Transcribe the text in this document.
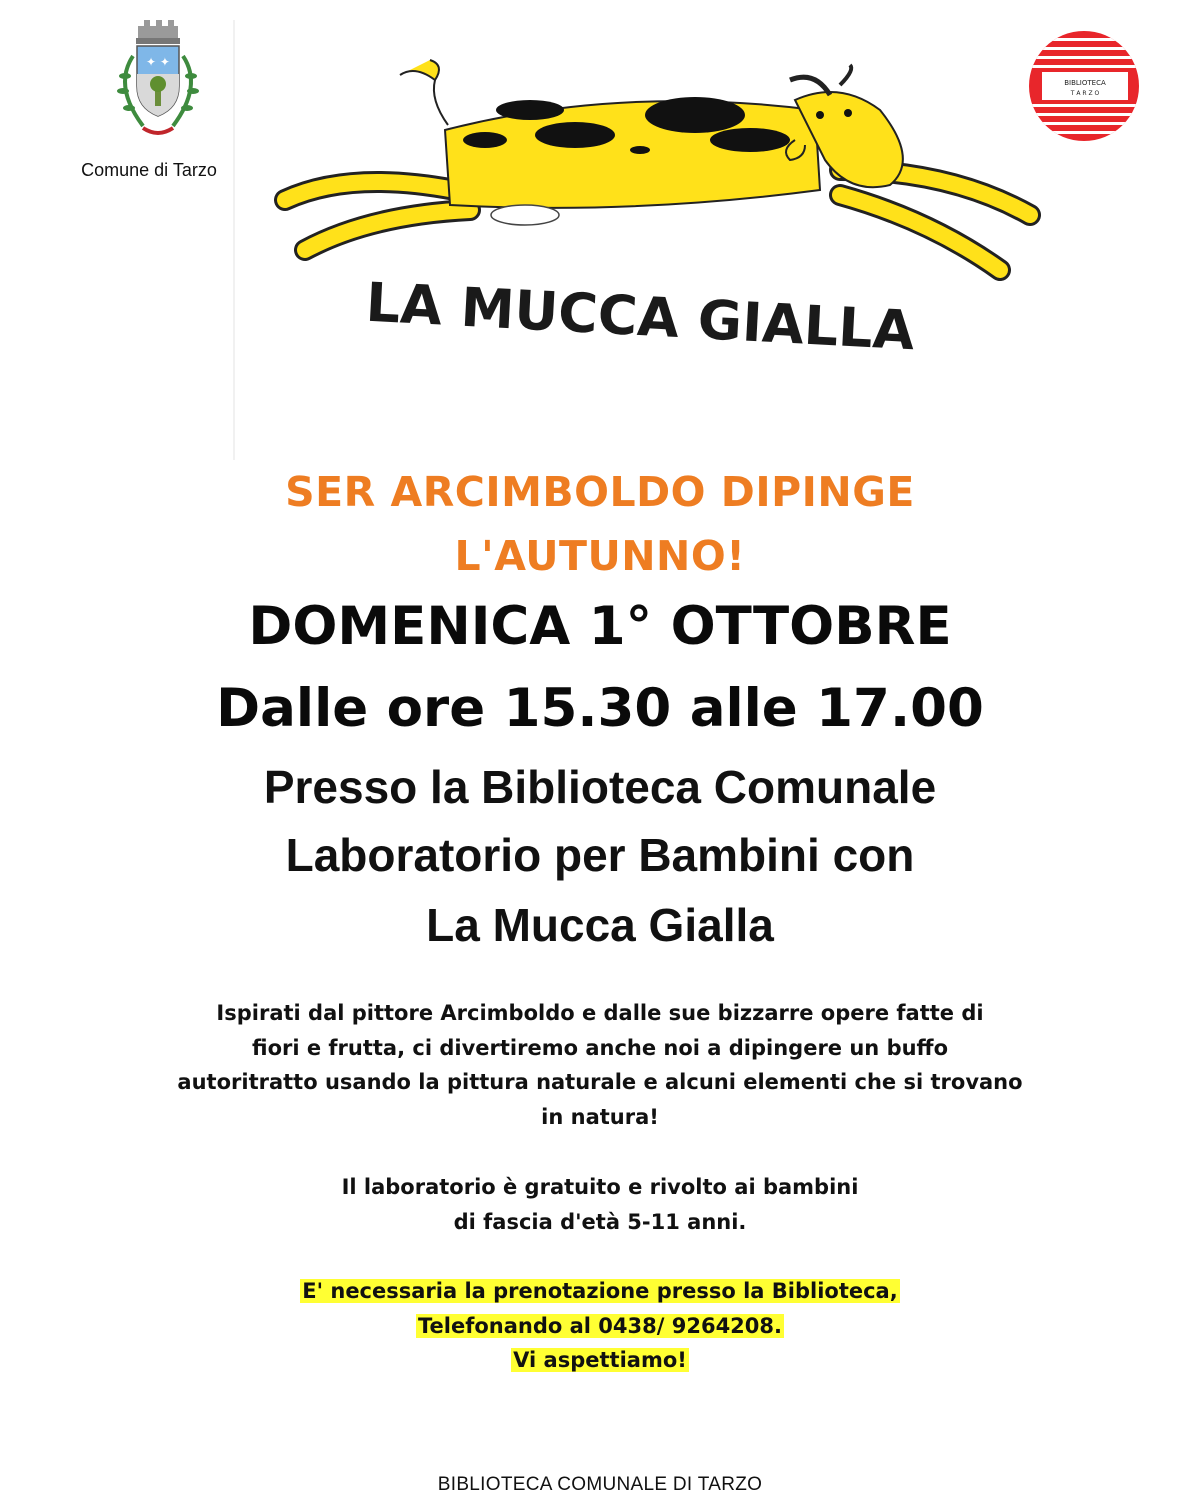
✦ ✦
Comune di Tarzo
BIBLIOTECA
T A R Z O
LA MUCCA GIALLA
SER ARCIMBOLDO DIPINGE
L'AUTUNNO!
DOMENICA 1° OTTOBRE
Dalle ore 15.30 alle 17.00
Presso la Biblioteca Comunale
Laboratorio per Bambini con
La Mucca Gialla
Ispirati dal pittore Arcimboldo e dalle sue bizzarre opere fatte di
fiori e frutta, ci divertiremo anche noi a dipingere un buffo
autoritratto usando la pittura naturale e alcuni elementi che si trovano
in natura!
Il laboratorio è gratuito e rivolto ai bambini
di fascia d'età 5-11 anni.
E' necessaria la prenotazione presso la Biblioteca,
Telefonando al 0438/ 9264208.
Vi aspettiamo!
BIBLIOTECA COMUNALE DI TARZO
